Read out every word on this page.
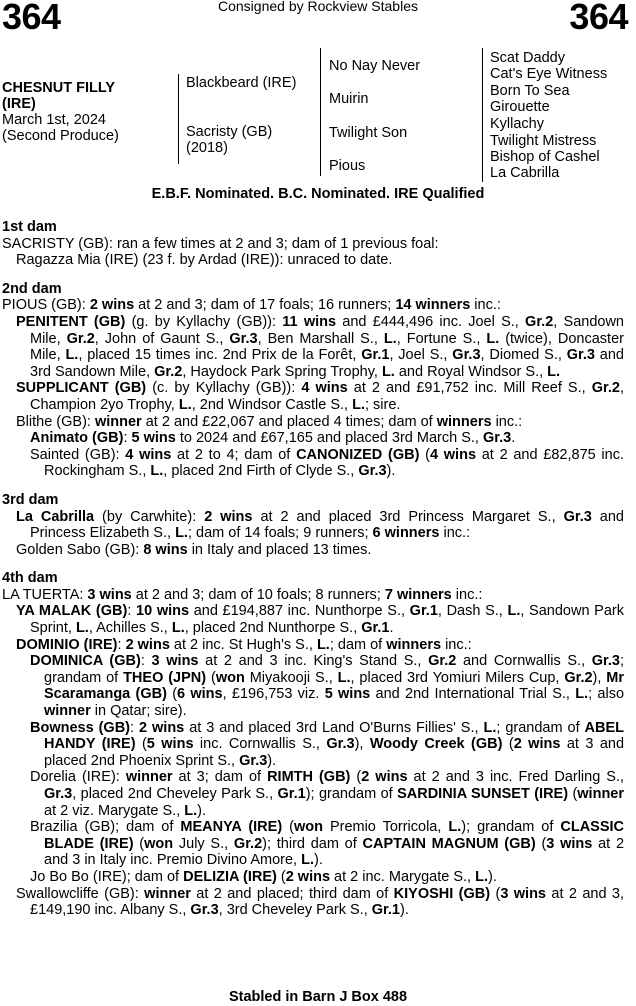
364	Consigned by Rockview Stables	364
CHESNUT FILLY
(IRE)
March 1st, 2024
(Second Produce)
Blackbeard (IRE)
Sacristy (GB)
(2018)
No Nay Never
Muirin
Twilight Son
Pious
Scat Daddy
Cat's Eye Witness
Born To Sea
Girouette
Kyllachy
Twilight Mistress
Bishop of Cashel
La Cabrilla
E.B.F. Nominated. B.C. Nominated. IRE Qualified
1st dam

SACRISTY (GB): ran a few times at 2 and 3; dam of 1 previous foal:

Ragazza Mia (IRE) (23 f. by Ardad (IRE)): unraced to date.

2nd dam

PIOUS (GB): 2 wins at 2 and 3; dam of 17 foals; 16 runners; 14 winners inc.:

PENITENT (GB) (g. by Kyllachy (GB)): 11 wins and £444,496 inc. Joel S., Gr.2, Sandown Mile, Gr.2, John of Gaunt S., Gr.3, Ben Marshall S., L., Fortune S., L. (twice), Doncaster Mile, L., placed 15 times inc. 2nd Prix de la Forêt, Gr.1, Joel S., Gr.3, Diomed S., Gr.3 and 3rd Sandown Mile, Gr.2, Haydock Park Spring Trophy, L. and Royal Windsor S., L.

SUPPLICANT (GB) (c. by Kyllachy (GB)): 4 wins at 2 and £91,752 inc. Mill Reef S., Gr.2, Champion 2yo Trophy, L., 2nd Windsor Castle S., L.; sire.

Blithe (GB): winner at 2 and £22,067 and placed 4 times; dam of winners inc.:

Animato (GB): 5 wins to 2024 and £67,165 and placed 3rd March S., Gr.3.

Sainted (GB): 4 wins at 2 to 4; dam of CANONIZED (GB) (4 wins at 2 and £82,875 inc. Rockingham S., L., placed 2nd Firth of Clyde S., Gr.3).

3rd dam

La Cabrilla (by Carwhite): 2 wins at 2 and placed 3rd Princess Margaret S., Gr.3 and Princess Elizabeth S., L.; dam of 14 foals; 9 runners; 6 winners inc.:

Golden Sabo (GB): 8 wins in Italy and placed 13 times.

4th dam

LA TUERTA: 3 wins at 2 and 3; dam of 10 foals; 8 runners; 7 winners inc.:

YA MALAK (GB): 10 wins and £194,887 inc. Nunthorpe S., Gr.1, Dash S., L., Sandown Park Sprint, L., Achilles S., L., placed 2nd Nunthorpe S., Gr.1.

DOMINIO (IRE): 2 wins at 2 inc. St Hugh's S., L.; dam of winners inc.:

DOMINICA (GB): 3 wins at 2 and 3 inc. King's Stand S., Gr.2 and Cornwallis S., Gr.3; grandam of THEO (JPN) (won Miyakooji S., L., placed 3rd Yomiuri Milers Cup, Gr.2), Mr Scaramanga (GB) (6 wins, £196,753 viz. 5 wins and 2nd International Trial S., L.; also winner in Qatar; sire).

Bowness (GB): 2 wins at 3 and placed 3rd Land O'Burns Fillies' S., L.; grandam of ABEL HANDY (IRE) (5 wins inc. Cornwallis S., Gr.3), Woody Creek (GB) (2 wins at 3 and placed 2nd Phoenix Sprint S., Gr.3).

Dorelia (IRE): winner at 3; dam of RIMTH (GB) (2 wins at 2 and 3 inc. Fred Darling S., Gr.3, placed 2nd Cheveley Park S., Gr.1); grandam of SARDINIA SUNSET (IRE) (winner at 2 viz. Marygate S., L.).

Brazilia (GB); dam of MEANYA (IRE) (won Premio Torricola, L.); grandam of CLASSIC BLADE (IRE) (won July S., Gr.2); third dam of CAPTAIN MAGNUM (GB) (3 wins at 2 and 3 in Italy inc. Premio Divino Amore, L.).

Jo Bo Bo (IRE); dam of DELIZIA (IRE) (2 wins at 2 inc. Marygate S., L.).

Swallowcliffe (GB): winner at 2 and placed; third dam of KIYOSHI (GB) (3 wins at 2 and 3, £149,190 inc. Albany S., Gr.3, 3rd Cheveley Park S., Gr.1).

Stabled in Barn J Box 488
